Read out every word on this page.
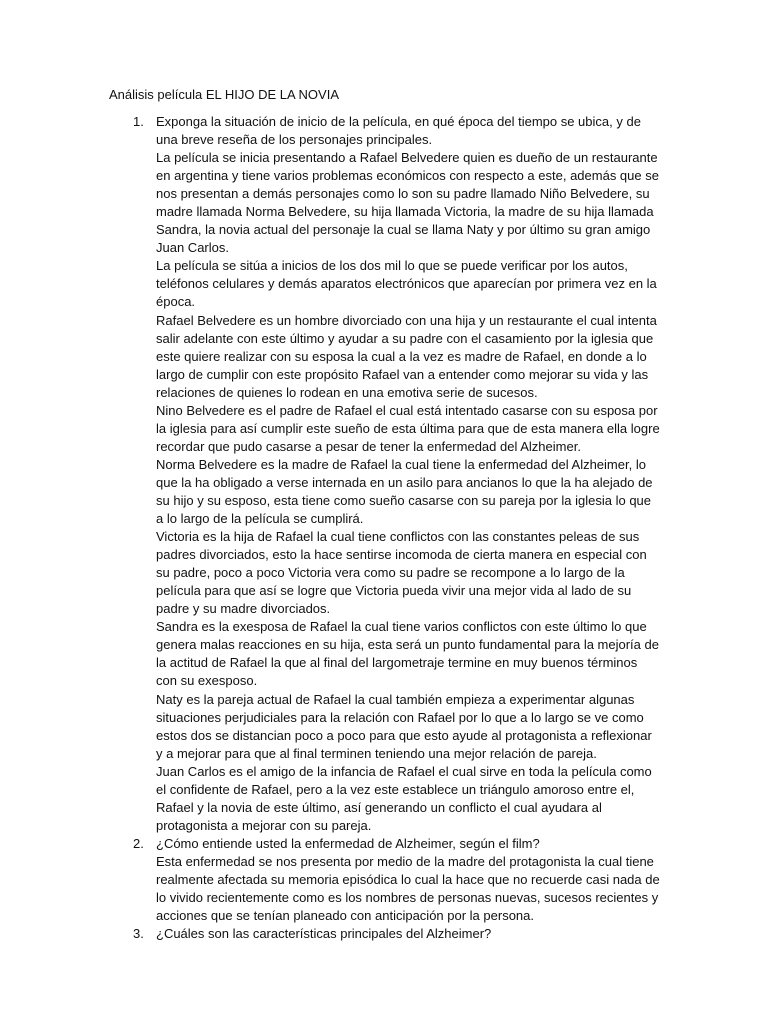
Análisis película EL HIJO DE LA NOVIA
1. Exponga la situación de inicio de la película, en qué época del tiempo se ubica, y de una breve reseña de los personajes principales.

La película se inicia presentando a Rafael Belvedere quien es dueño de un restaurante en argentina y tiene varios problemas económicos con respecto a este, además que se nos presentan a demás personajes como lo son su padre llamado Niño Belvedere, su madre llamada Norma Belvedere, su hija llamada Victoria, la madre de su hija llamada Sandra, la novia actual del personaje la cual se llama Naty y por último su gran amigo Juan Carlos.

La película se sitúa a inicios de los dos mil lo que se puede verificar por los autos, teléfonos celulares y demás aparatos electrónicos que aparecían por primera vez en la época.

Rafael Belvedere es un hombre divorciado con una hija y un restaurante el cual intenta salir adelante con este último y ayudar a su padre con el casamiento por la iglesia que este quiere realizar con su esposa la cual a la vez es madre de Rafael, en donde a lo largo de cumplir con este propósito Rafael van a entender como mejorar su vida y las relaciones de quienes lo rodean en una emotiva serie de sucesos.

Nino Belvedere es el padre de Rafael el cual está intentado casarse con su esposa por la iglesia para así cumplir este sueño de esta última para que de esta manera ella logre recordar que pudo casarse a pesar de tener la enfermedad del Alzheimer.

Norma Belvedere es la madre de Rafael la cual tiene la enfermedad del Alzheimer, lo que la ha obligado a verse internada en un asilo para ancianos lo que la ha alejado de su hijo y su esposo, esta tiene como sueño casarse con su pareja por la iglesia lo que a lo largo de la película se cumplirá.

Victoria es la hija de Rafael la cual tiene conflictos con las constantes peleas de sus padres divorciados, esto la hace sentirse incomoda de cierta manera en especial con su padre, poco a poco Victoria vera como su padre se recompone a lo largo de la película para que así se logre que Victoria pueda vivir una mejor vida al lado de su padre y su madre divorciados.

Sandra es la exesposa de Rafael la cual tiene varios conflictos con este último lo que genera malas reacciones en su hija, esta será un punto fundamental para la mejoría de la actitud de Rafael la que al final del largometraje termine en muy buenos términos con su exesposo.

Naty es la pareja actual de Rafael la cual también empieza a experimentar algunas situaciones perjudiciales para la relación con Rafael por lo que a lo largo se ve como estos dos se distancian poco a poco para que esto ayude al protagonista a reflexionar y a mejorar para que al final terminen teniendo una mejor relación de pareja.

Juan Carlos es el amigo de la infancia de Rafael el cual sirve en toda la película como el confidente de Rafael, pero a la vez este establece un triángulo amoroso entre el, Rafael y la novia de este último, así generando un conflicto el cual ayudara al protagonista a mejorar con su pareja.

2. ¿Cómo entiende usted la enfermedad de Alzheimer, según el film?

Esta enfermedad se nos presenta por medio de la madre del protagonista la cual tiene realmente afectada su memoria episódica lo cual la hace que no recuerde casi nada de lo vivido recientemente como es los nombres de personas nuevas, sucesos recientes y acciones que se tenían planeado con anticipación por la persona.

3. ¿Cuáles son las características principales del Alzheimer?
